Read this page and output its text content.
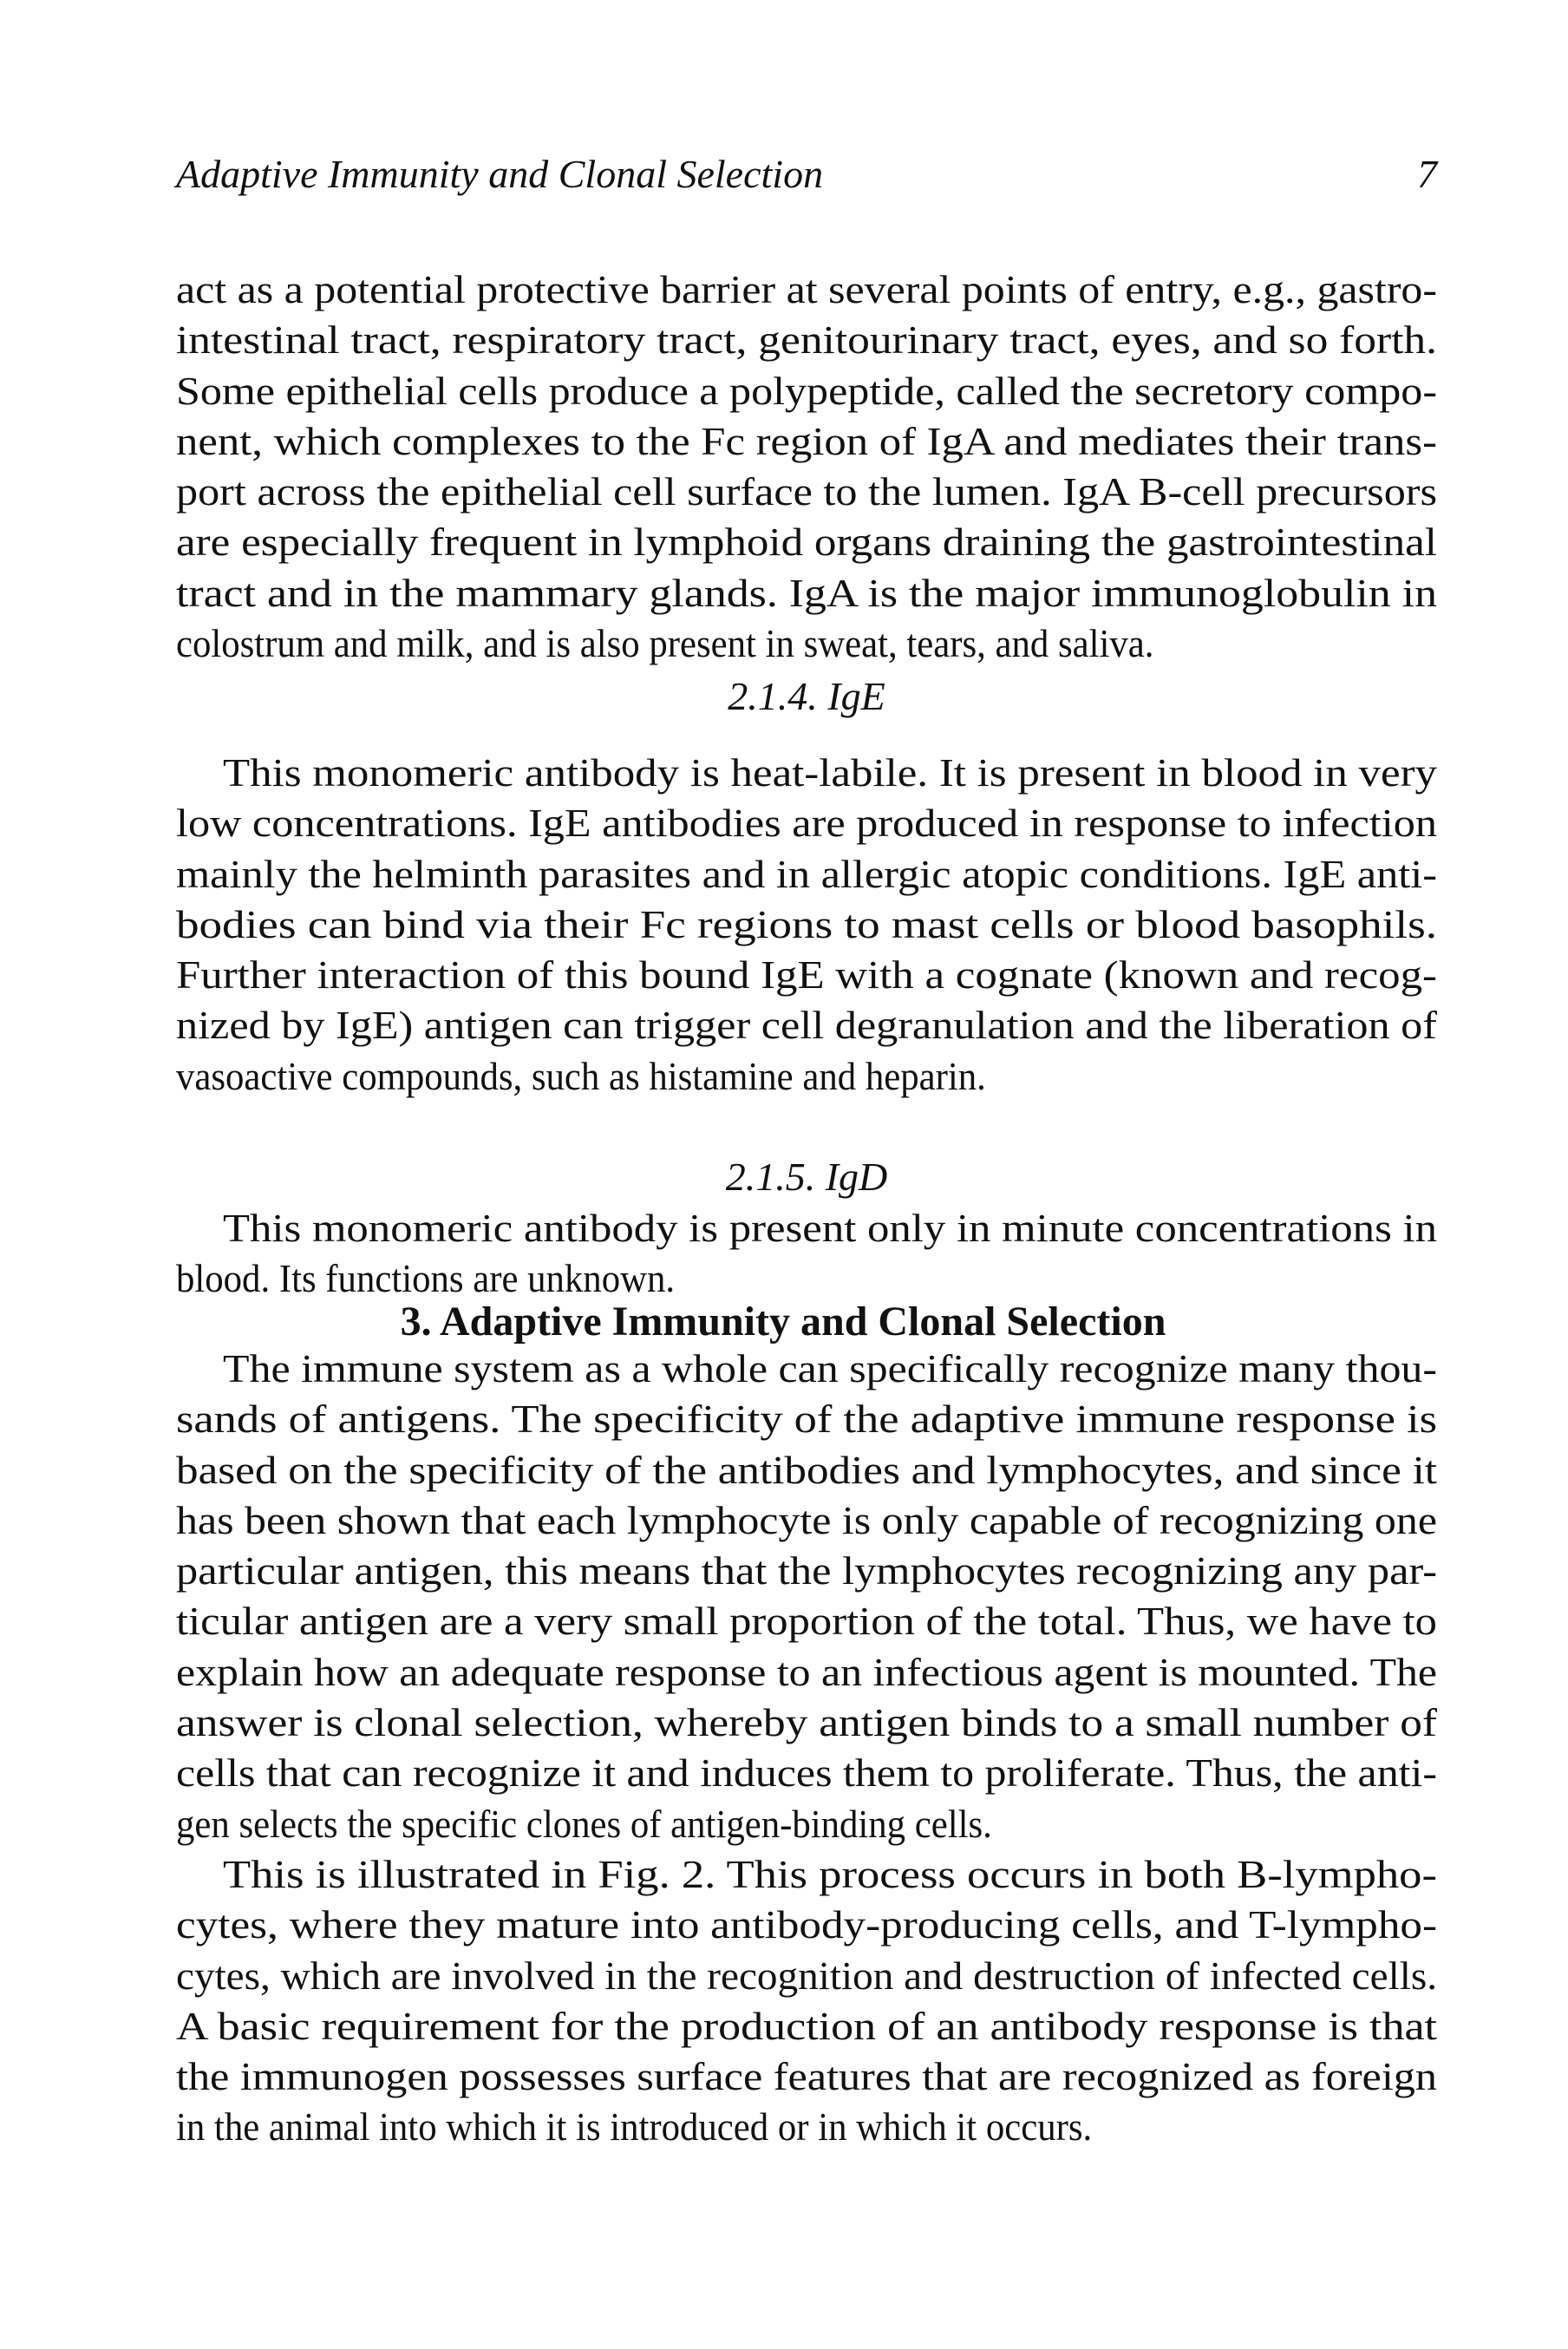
Adaptive Immunity and Clonal Selection	7
act as a potential protective barrier at several points of entry, e.g., gastro-
intestinal tract, respiratory tract, genitourinary tract, eyes, and so forth.
Some epithelial cells produce a polypeptide, called the secretory compo-
nent, which complexes to the Fc region of IgA and mediates their trans-
port across the epithelial cell surface to the lumen. IgA B-cell precursors
are especially frequent in lymphoid organs draining the gastrointestinal
tract and in the mammary glands. IgA is the major immunoglobulin in
colostrum and milk, and is also present in sweat, tears, and saliva.
2.1.4. IgE
This monomeric antibody is heat-labile. It is present in blood in very
low concentrations. IgE antibodies are produced in response to infection
mainly the helminth parasites and in allergic atopic conditions. IgE anti-
bodies can bind via their Fc regions to mast cells or blood basophils.
Further interaction of this bound IgE with a cognate (known and recog-
nized by IgE) antigen can trigger cell degranulation and the liberation of
vasoactive compounds, such as histamine and heparin.
2.1.5. IgD
This monomeric antibody is present only in minute concentrations in
blood. Its functions are unknown.
3. Adaptive Immunity and Clonal Selection
The immune system as a whole can specifically recognize many thou-
sands of antigens. The specificity of the adaptive immune response is
based on the specificity of the antibodies and lymphocytes, and since it
has been shown that each lymphocyte is only capable of recognizing one
particular antigen, this means that the lymphocytes recognizing any par-
ticular antigen are a very small proportion of the total. Thus, we have to
explain how an adequate response to an infectious agent is mounted. The
answer is clonal selection, whereby antigen binds to a small number of
cells that can recognize it and induces them to proliferate. Thus, the anti-
gen selects the specific clones of antigen-binding cells.
This is illustrated in Fig. 2. This process occurs in both B-lympho-
cytes, where they mature into antibody-producing cells, and T-lympho-
cytes, which are involved in the recognition and destruction of infected cells.
A basic requirement for the production of an antibody response is that
the immunogen possesses surface features that are recognized as foreign
in the animal into which it is introduced or in which it occurs.
